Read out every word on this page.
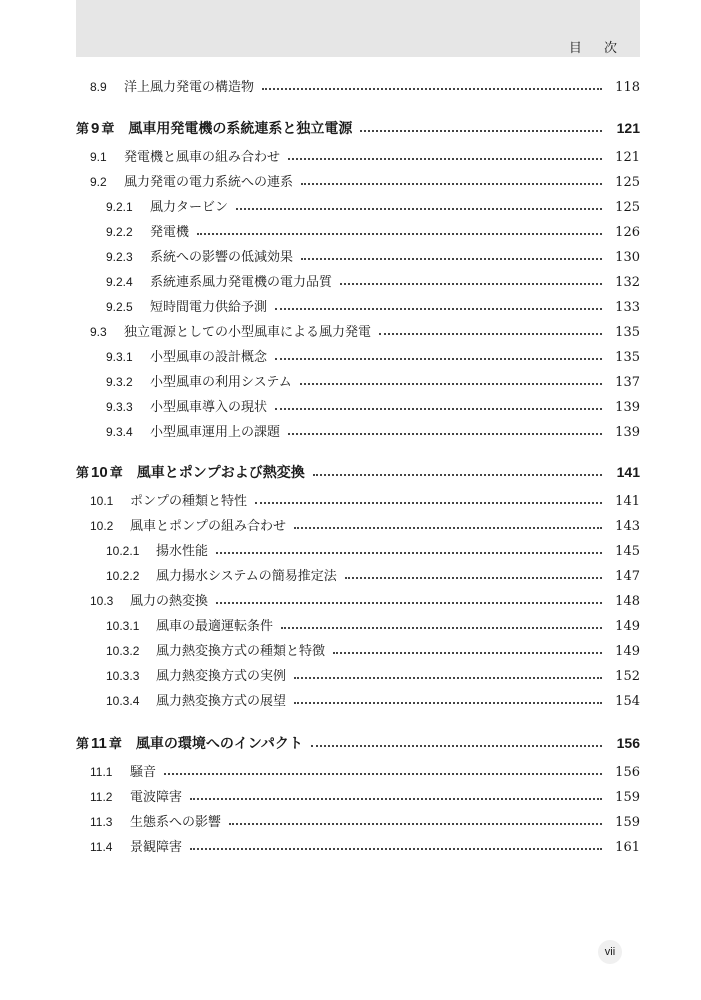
目 次
8.9	洋上風力発電の構造物	118
第 9 章 風車用発電機の系統連系と独立電源	121
9.1	発電機と風車の組み合わせ	121
9.2	風力発電の電力系統への連系	125
9.2.1	風力タービン	125
9.2.2	発電機	126
9.2.3	系統への影響の低減効果	130
9.2.4	系統連系風力発電機の電力品質	132
9.2.5	短時間電力供給予測	133
9.3	独立電源としての小型風車による風力発電	135
9.3.1	小型風車の設計概念	135
9.3.2	小型風車の利用システム	137
9.3.3	小型風車導入の現状	139
9.3.4	小型風車運用上の課題	139
第 10 章 風車とポンプおよび熱変換	141
10.1	ポンプの種類と特性	141
10.2	風車とポンプの組み合わせ	143
10.2.1	揚水性能	145
10.2.2	風力揚水システムの簡易推定法	147
10.3	風力の熱変換	148
10.3.1	風車の最適運転条件	149
10.3.2	風力熱変換方式の種類と特徴	149
10.3.3	風力熱変換方式の実例	152
10.3.4	風力熱変換方式の展望	154
第 11 章 風車の環境へのインパクト	156
11.1	騒音	156
11.2	電波障害	159
11.3	生態系への影響	159
11.4	景観障害	161
vii
